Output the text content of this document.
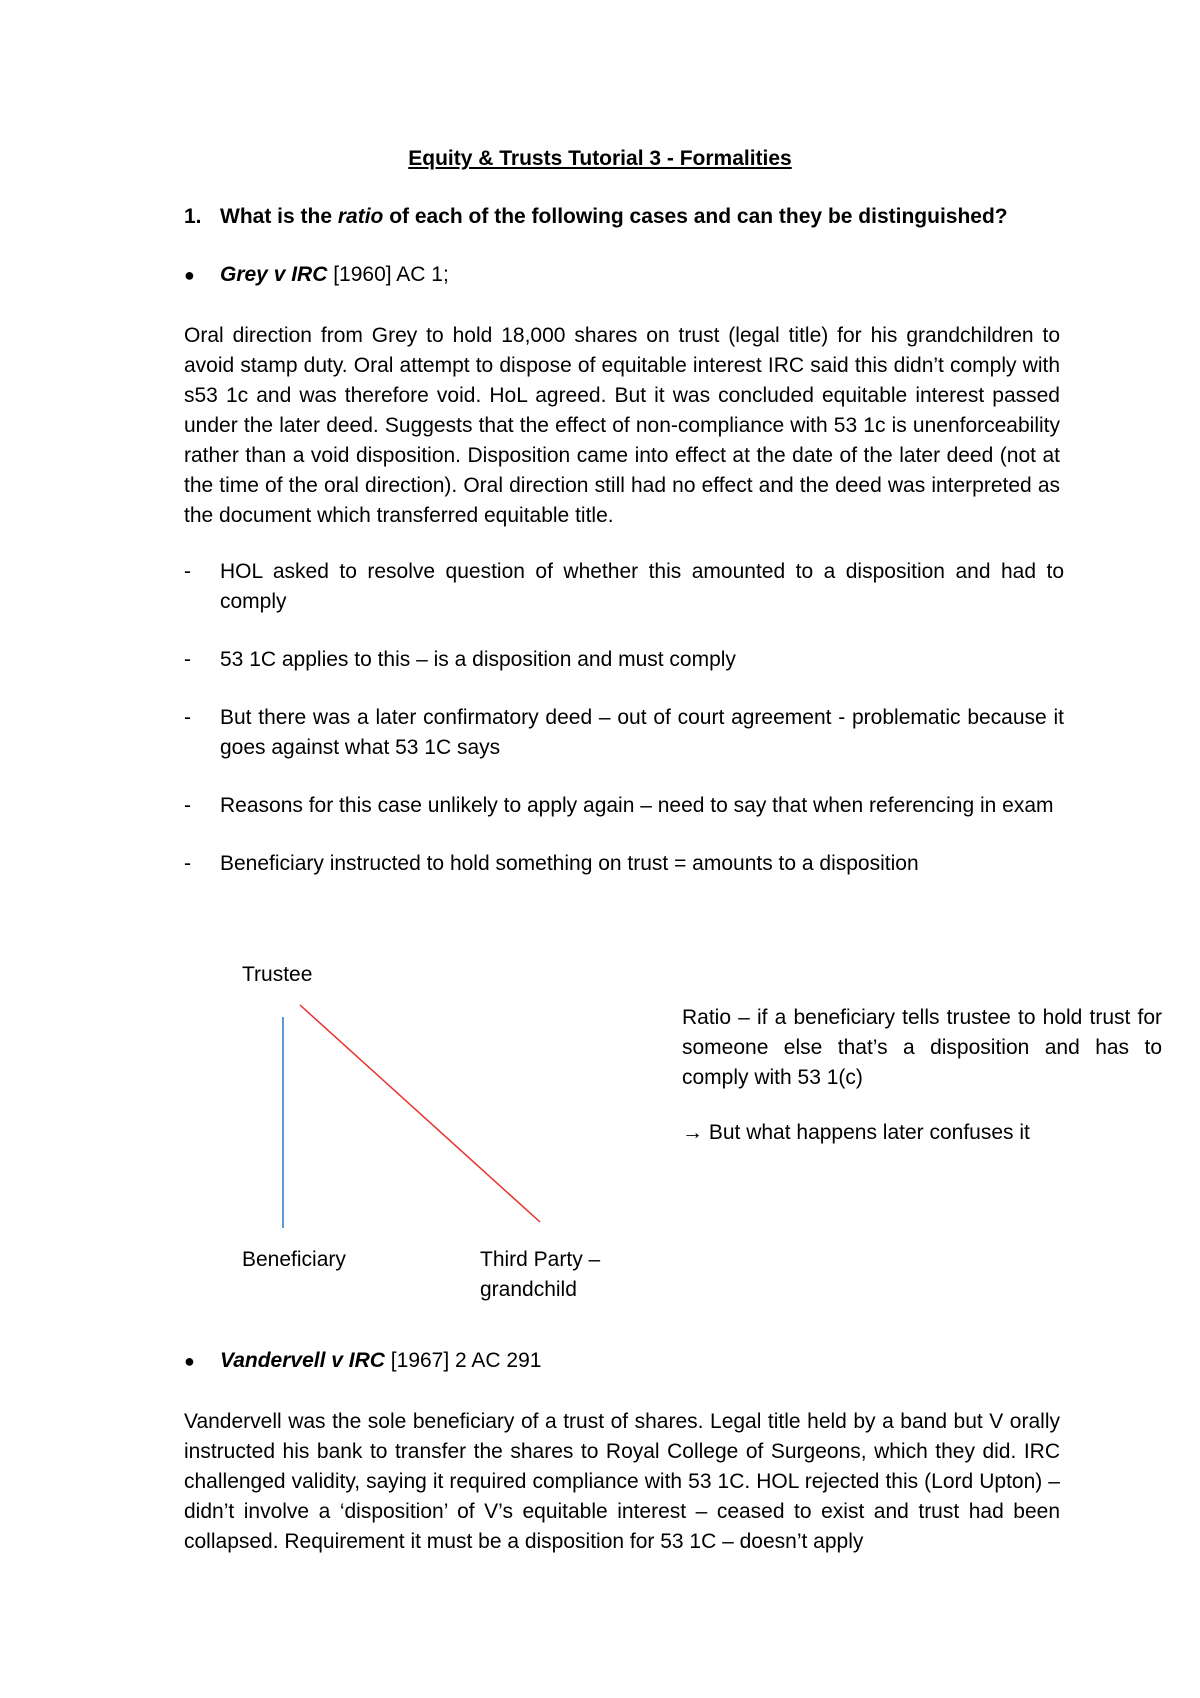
Equity & Trusts Tutorial 3 - Formalities
1. What is the ratio of each of the following cases and can they be distinguished?
● Grey v IRC [1960] AC 1;
Oral direction from Grey to hold 18,000 shares on trust (legal title) for his grandchildren to avoid stamp duty. Oral attempt to dispose of equitable interest IRC said this didn’t comply with s53 1c and was therefore void. HoL agreed. But it was concluded equitable interest passed under the later deed. Suggests that the effect of non-compliance with 53 1c is unenforceability rather than a void disposition. Disposition came into effect at the date of the later deed (not at the time of the oral direction). Oral direction still had no effect and the deed was interpreted as the document which transferred equitable title.
- HOL asked to resolve question of whether this amounted to a disposition and had to comply
- 53 1C applies to this – is a disposition and must comply
- But there was a later confirmatory deed – out of court agreement - problematic because it goes against what 53 1C says
- Reasons for this case unlikely to apply again – need to say that when referencing in exam
- Beneficiary instructed to hold something on trust = amounts to a disposition
Trustee
Beneficiary	Third Party –
grandchild
Ratio – if a beneficiary tells trustee to hold trust for someone else that’s a disposition and has to comply with 53 1(c)
→ But what happens later confuses it
● Vandervell v IRC [1967] 2 AC 291
Vandervell was the sole beneficiary of a trust of shares. Legal title held by a band but V orally instructed his bank to transfer the shares to Royal College of Surgeons, which they did. IRC challenged validity, saying it required compliance with 53 1C. HOL rejected this (Lord Upton) – didn’t involve a ‘disposition’ of V’s equitable interest – ceased to exist and trust had been collapsed. Requirement it must be a disposition for 53 1C – doesn’t apply
